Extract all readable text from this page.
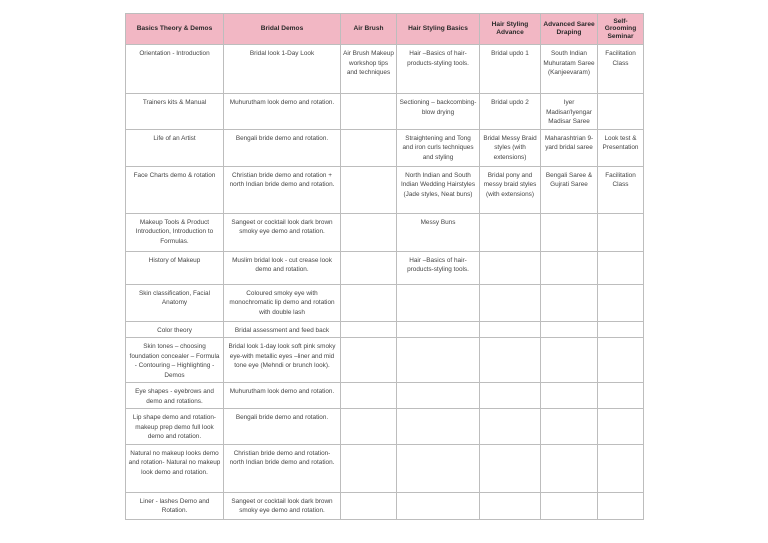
Basics Theory & Demos	Bridal Demos	Air Brush	Hair Styling Basics	Hair Styling Advance	Advanced Saree Draping	Self-Grooming Seminar

Orientation - Introduction	Bridal look 1-Day Look	Air Brush Makeup workshop tips and techniques	Hair –Basics of hair-products-styling tools.	Bridal updo 1	South Indian Muhuratam Saree (Kanjeevaram)	Facilitation Class

Trainers kits & Manual	Muhurutham look demo and rotation.		Sectioning – backcombing-blow drying	Bridal updo 2	Iyer Madisar/Iyengar Madisar Saree	

Life of an Artist	Bengali bride demo and rotation.		Straightening and Tong and iron curls techniques and styling	Bridal Messy Braid styles (with extensions)	Maharashtrian 9-yard bridal saree	Look test & Presentation

Face Charts demo & rotation	Christian bride demo and rotation + north Indian bride demo and rotation.		North Indian and South Indian Wedding Hairstyles (Jade styles, Neat buns)	Bridal pony and messy braid styles (with extensions)	Bengali Saree & Gujrati Saree	Facilitation Class

Makeup Tools & Product Introduction, Introduction to Formulas.	Sangeet or cocktail look dark brown smoky eye demo and rotation.		Messy Buns			

History of Makeup	Muslim bridal look - cut crease look demo and rotation.		Hair –Basics of hair-products-styling tools.			

Skin classification, Facial Anatomy	Coloured smoky eye with monochromatic lip demo and rotation with double lash					

Color theory	Bridal assessment and feed back					

Skin tones – choosing foundation concealer – Formula - Contouring – Highlighting - Demos	Bridal look 1-day look soft pink smoky eye-with metallic eyes –liner and mid tone eye (Mehndi or brunch look).					

Eye shapes - eyebrows and demo and rotations.	Muhurutham look demo and rotation.					

Lip shape demo and rotation- makeup prep demo full look demo and rotation.	Bengali bride demo and rotation.					

Natural no makeup looks demo and rotation- Natural no makeup look demo and rotation.	Christian bride demo and rotation- north Indian bride demo and rotation.					

Liner - lashes Demo and Rotation.	Sangeet or cocktail look dark brown smoky eye demo and rotation.					
